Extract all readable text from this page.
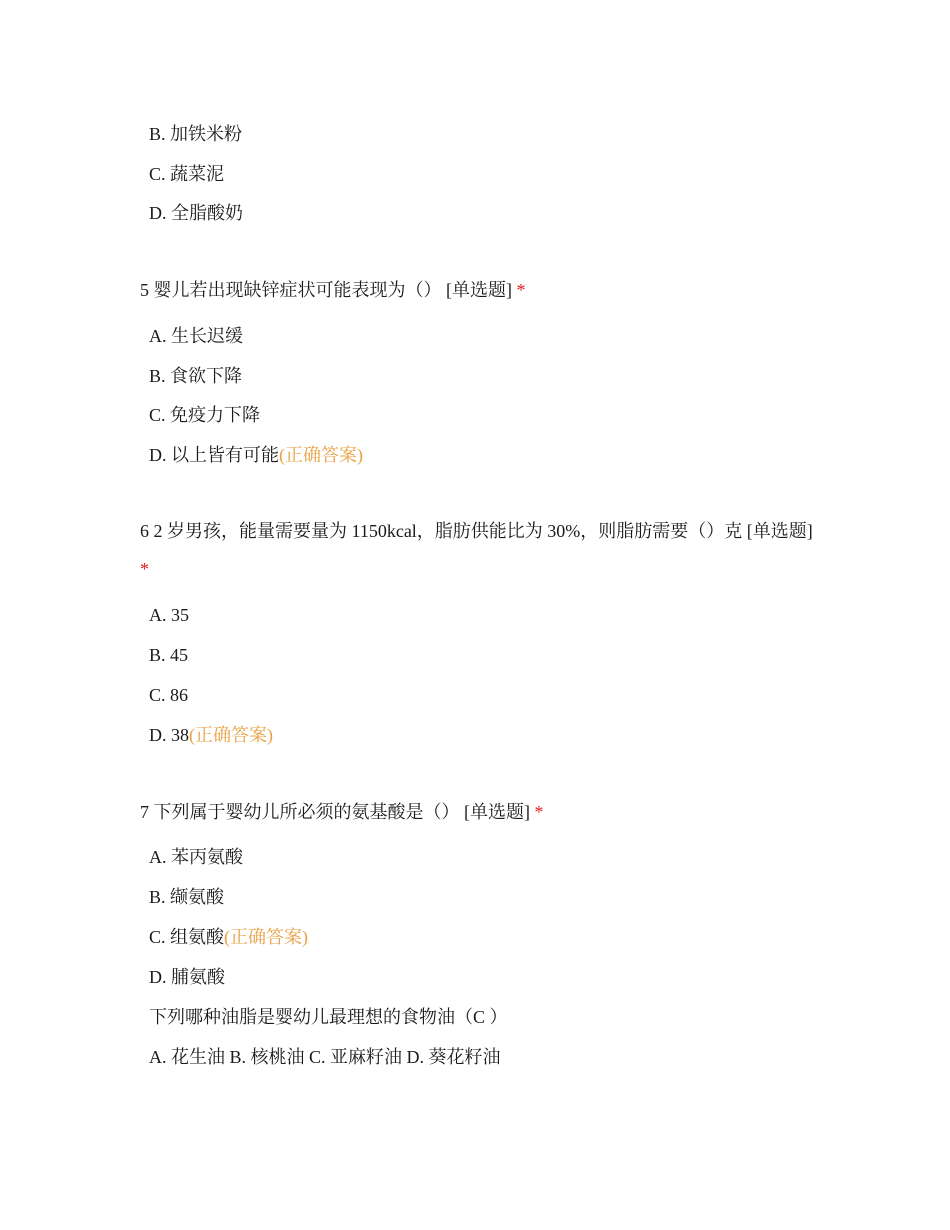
B. 加铁米粉
C. 蔬菜泥
D. 全脂酸奶
5 婴儿若出现缺锌症状可能表现为（） [单选题] *
A. 生长迟缓
B. 食欲下降
C. 免疫力下降
D. 以上皆有可能(正确答案)
6 2 岁男孩，能量需要量为 1150kcal，脂肪供能比为 30%，则脂肪需要（）克 [单选题] *
A. 35
B. 45
C. 86
D. 38(正确答案)
7 下列属于婴幼儿所必须的氨基酸是（） [单选题] *
A. 苯丙氨酸
B. 缬氨酸
C. 组氨酸(正确答案)
D. 脯氨酸
下列哪种油脂是婴幼儿最理想的食物油（C ）
A. 花生油 B. 核桃油 C. 亚麻籽油 D. 葵花籽油
